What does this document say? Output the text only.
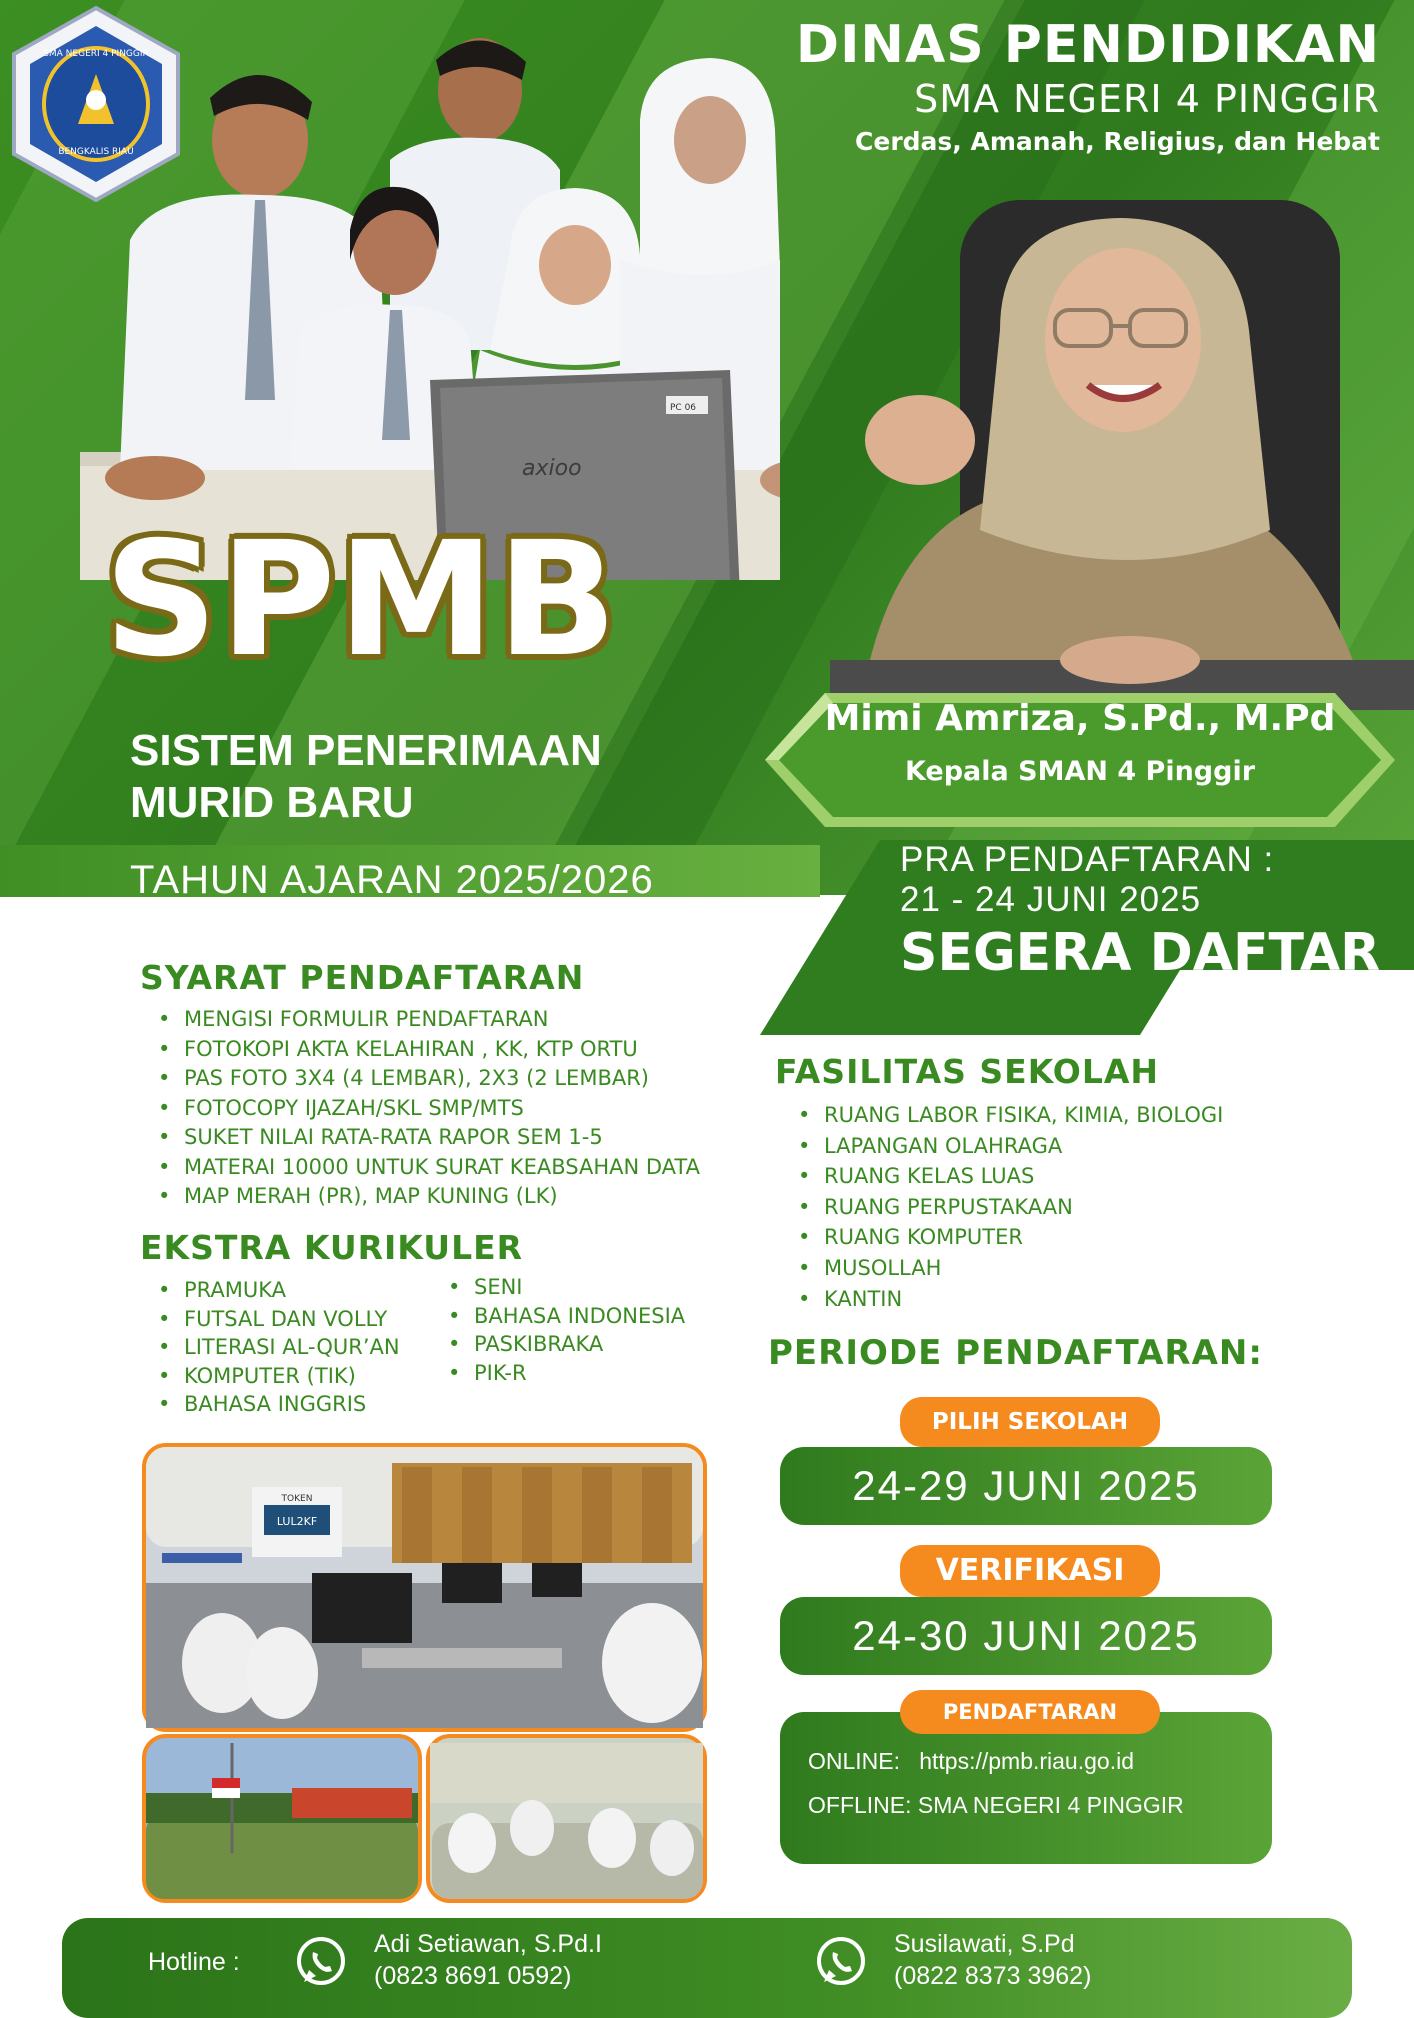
axioo
PC 06
SMA NEGERI 4 PINGGIR
BENGKALIS RIAU
DINAS PENDIDIKAN
SMA NEGERI 4 PINGGIR
Cerdas, Amanah, Religius, dan Hebat
SPMB
SISTEM PENERIMAAN
MURID BARU
TAHUN AJARAN 2025/2026
Mimi Amriza, S.Pd., M.Pd
Kepala SMAN 4 Pinggir
PRA PENDAFTARAN :
21 - 24 JUNI 2025
SEGERA DAFTAR
SYARAT PENDAFTARAN
• MENGISI FORMULIR PENDAFTARAN
• FOTOKOPI AKTA KELAHIRAN , KK, KTP ORTU
• PAS FOTO 3X4 (4 LEMBAR), 2X3 (2 LEMBAR)
• FOTOCOPY IJAZAH/SKL SMP/MTS
• SUKET NILAI RATA-RATA RAPOR SEM 1-5
• MATERAI 10000 UNTUK SURAT KEABSAHAN DATA
• MAP MERAH (PR), MAP KUNING (LK)
EKSTRA KURIKULER
• PRAMUKA
• FUTSAL DAN VOLLY
• LITERASI AL-QUR’AN
• KOMPUTER (TIK)
• BAHASA INGGRIS
• SENI
• BAHASA INDONESIA
• PASKIBRAKA
• PIK-R
FASILITAS SEKOLAH
• RUANG LABOR FISIKA, KIMIA, BIOLOGI
• LAPANGAN OLAHRAGA
• RUANG KELAS LUAS
• RUANG PERPUSTAKAAN
• RUANG KOMPUTER
• MUSOLLAH
• KANTIN
PERIODE PENDAFTARAN:
24-29 JUNI 2025
PILIH SEKOLAH
24-30 JUNI 2025
VERIFIKASI
ONLINE: https://pmb.riau.go.id
OFFLINE: SMA NEGERI 4 PINGGIR
PENDAFTARAN
TOKEN
LUL2KF
Hotline :
Adi Setiawan, S.Pd.I
(0823 8691 0592)
Susilawati, S.Pd
(0822 8373 3962)
